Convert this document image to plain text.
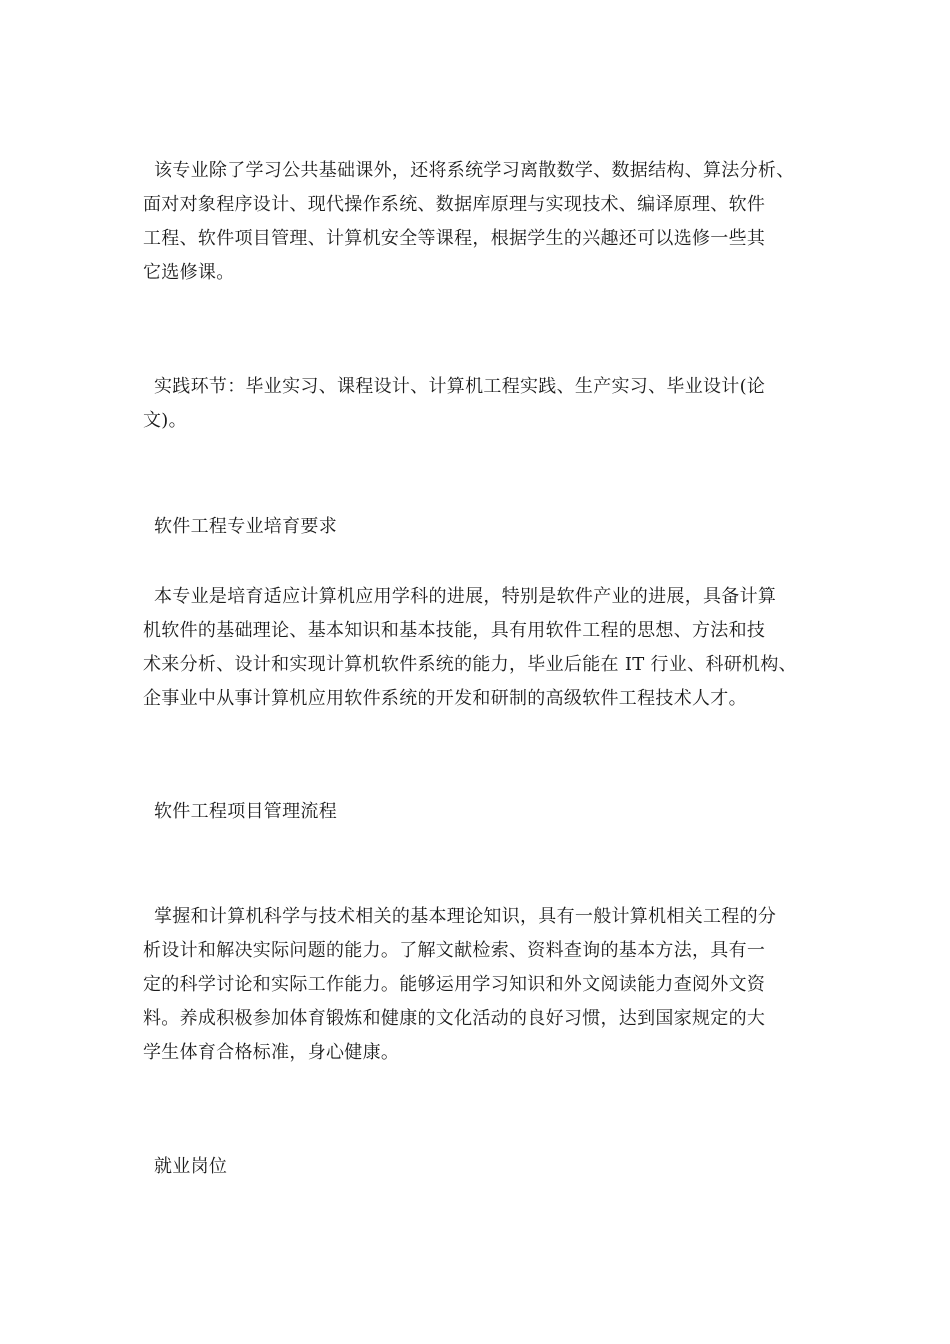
该专业除了学习公共基础课外，还将系统学习离散数学、数据结构、算法分析、
面对对象程序设计、现代操作系统、数据库原理与实现技术、编译原理、软件
工程、软件项目管理、计算机安全等课程，根据学生的兴趣还可以选修一些其
它选修课。
实践环节：毕业实习、课程设计、计算机工程实践、生产实习、毕业设计(论
文)。
软件工程专业培育要求
本专业是培育适应计算机应用学科的进展，特别是软件产业的进展，具备计算
机软件的基础理论、基本知识和基本技能，具有用软件工程的思想、方法和技
术来分析、设计和实现计算机软件系统的能力，毕业后能在 IT 行业、科研机构、
企事业中从事计算机应用软件系统的开发和研制的高级软件工程技术人才。
软件工程项目管理流程
掌握和计算机科学与技术相关的基本理论知识，具有一般计算机相关工程的分
析设计和解决实际问题的能力。了解文献检索、资料查询的基本方法，具有一
定的科学讨论和实际工作能力。能够运用学习知识和外文阅读能力查阅外文资
料。养成积极参加体育锻炼和健康的文化活动的良好习惯，达到国家规定的大
学生体育合格标准，身心健康。
就业岗位
